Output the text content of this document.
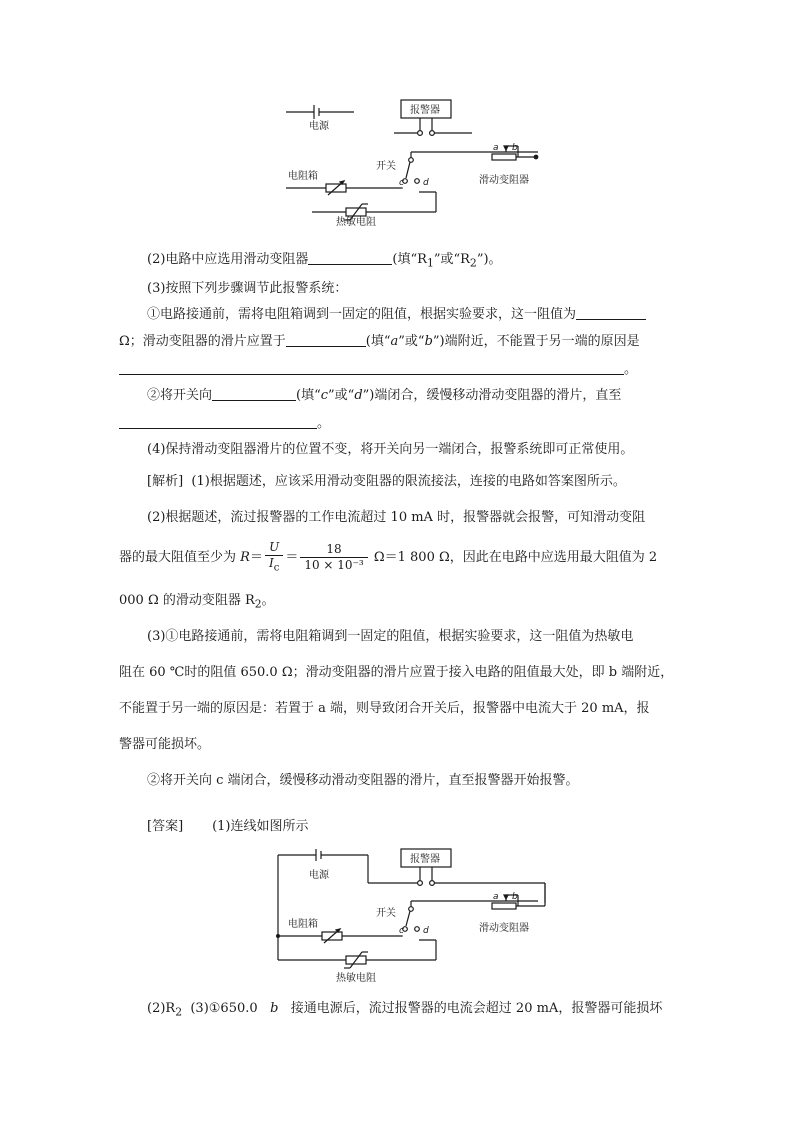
电源
报警器
开关
c d
a b
滑动变阻器
电阻箱
热敏电阻

(2)电路中应选用滑动变阻器	(填“$R_1$”或“$R_2$”)。

(3)按照下列步骤调节此报警系统：

①电路接通前，需将电阻箱调到一固定的阻值，根据实验要求，这一阻值为

Ω；滑动变阻器的滑片应置于	(填“a”或“b”)端附近，不能置于另一端的原因是

。

②将开关向	(填“c”或“d”)端闭合，缓慢移动滑动变阻器的滑片，直至

。

(4)保持滑动变阻器滑片的位置不变，将开关向另一端闭合，报警系统即可正常使用。

[解析] (1)根据题述，应该采用滑动变阻器的限流接法，连接的电路如答案图所示。

(2)根据题述，流过报警器的工作电流超过 10 mA 时，报警器就会报警，可知滑动变阻

器的最大阻值至少为 $R= \frac{U}{I_c} = \frac{18}{\text{10 × 10⁻³}} \Omega=1$ 800 Ω，因此在电路中应选用最大阻值为 2

000 Ω 的滑动变阻器 $R_2$。

(3)①电路接通前，需将电阻箱调到一固定的阻值，根据实验要求，这一阻值为热敏电

阻在 60 ℃时的阻值 650.0 Ω；滑动变阻器的滑片应置于接入电路的阻值最大处，即 b 端附近，

不能置于另一端的原因是：若置于 a 端，则导致闭合开关后，报警器中电流大于 20 mA，报

警器可能损坏。

②将开关向 c 端闭合，缓慢移动滑动变阻器的滑片，直至报警器开始报警。

[答案] (1)连线如图所示

电源
报警器
开关
c d
a b
滑动变阻器
电阻箱
热敏电阻

$(2)R_2$ (3)①650.0 b 接通电源后，流过报警器的电流会超过 20 mA，报警器可能损坏
